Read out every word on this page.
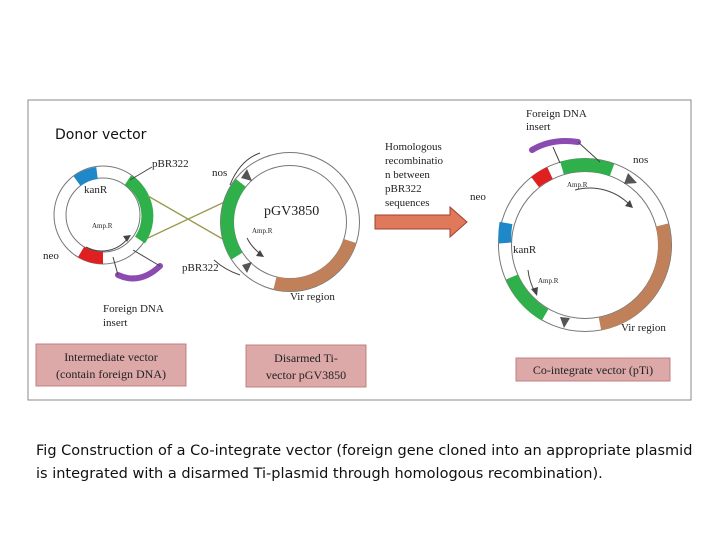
Donor vector
kanR
Amp.R
pBR322
neo
nos
pBR322
Foreign DNA
insert
pGV3850
Amp.R
Vir region
Homologous
recombinatio
n between
pBR322
sequences
Foreign DNA
insert
nos
neo
Amp.R
kanR
Amp.R
Vir region
Intermediate vector
(contain foreign DNA)
Disarmed Ti-
vector pGV3850	Co-integrate vector (pTi)
Fig Construction of a Co-integrate vector (foreign gene cloned into an appropriate plasmid is integrated with a disarmed Ti-plasmid through homologous recombination).
